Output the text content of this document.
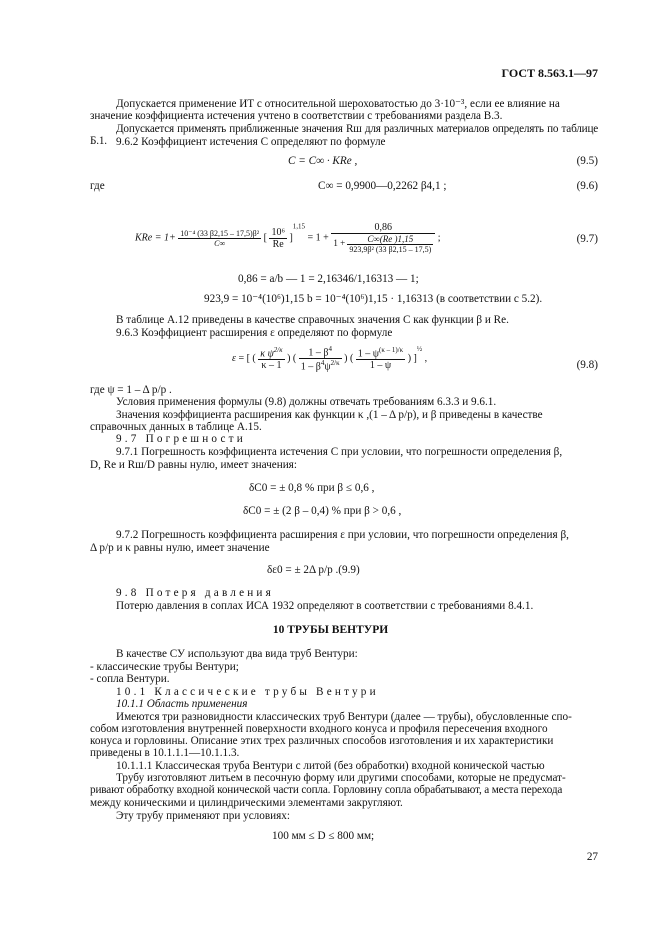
ГОСТ 8.563.1—97
Допускается применение ИТ с относительной шероховатостью до 3·10⁻³, если ее влияние на
значение коэффициента истечения учтено в соответствии с требованиями раздела В.3.
Допускается применять приближенные значения Rш для различных материалов определять по таблице Б.1. 9.6.2 Коэффициент истечения C определяют по формуле
C = C∞ · KRe ,	(9.5)
где	C∞ = 0,9900—0,2262 β4,1 ;	(9.6)
KRe = $1+ \frac{\text{10⁻⁴ (33 β2,15 – 17,5)β²}}{C\infty}$ [ $\frac{\text{10⁶}}{Re} ]^{1,15} = 1$ +
0,86
$1 + \frac{C\infty(Re )1,15}{\text{923,9β² (33 β2,15 – 17,5)}}$ ;	(9.7)
0,86 = a/b — 1 = 2,16346/1,16313 — 1;
923,9 = 10⁻⁴(10⁶)1,15 b = 10⁻⁴(10⁶)1,15 · 1,16313 (в соответствии с 5.2).
В таблице А.12 приведены в качестве справочных значения C как функции β и Re.
9.6.3 Коэффициент расширения ε определяют по формуле
ε = [ ( $\frac{\kappa \psi^{2/\kappa}}{\kappa - 1}$ ) ( $\frac{1 - \beta^4}{1 - \beta^4\psi^{2/\kappa}}$ ) ( $\frac{1 - \psi^{(\kappa - 1)/\kappa}}{1 - \psi}$ ) ]$^{\frac{1}{2}}$ ,
(9.8)
где ψ = 1 – Δ p/p .
Условия применения формулы (9.8) должны отвечать требованиям 6.3.3 и 9.6.1.
Значения коэффициента расширения как функции κ ,(1 – Δ p/p), и β приведены в качестве
справочных данных в таблице А.15.
9.7 Погрешности
9.7.1 Погрешность коэффициента истечения C при условии, что погрешности определения β,
D, Re и Rш/D равны нулю, имеет значения:
δC0 = ± 0,8 % при β ≤ 0,6 ,
δC0 = ± (2 β – 0,4) % при β > 0,6 ,
9.7.2 Погрешность коэффициента расширения ε при условии, что погрешности определения β,
Δ p/p и κ равны нулю, имеет значение
δε0 = ± 2Δ p/p .(9.9)
9.8 Потеря давления
Потерю давления в соплах ИСА 1932 определяют в соответствии с требованиями 8.4.1.
10 ТРУБЫ ВЕНТУРИ
В качестве СУ используют два вида труб Вентури:
- классические трубы Вентури;
- сопла Вентури.
10.1 Классические трубы Вентури
10.1.1 Область применения
Имеются три разновидности классических труб Вентури (далее — трубы), обусловленные спо-
собом изготовления внутренней поверхности входного конуса и профиля пересечения входного
конуса и горловины. Описание этих трех различных способов изготовления и их характеристики
приведены в 10.1.1.1—10.1.1.3.
10.1.1.1 Классическая труба Вентури с литой (без обработки) входной конической частью
Трубу изготовляют литьем в песочную форму или другими способами, которые не предусмат-
ривают обработку входной конической части сопла. Горловину сопла обрабатывают, а места перехода
между коническими и цилиндрическими элементами закругляют.
Эту трубу применяют при условиях:
100 мм ≤ D ≤ 800 мм;
27
